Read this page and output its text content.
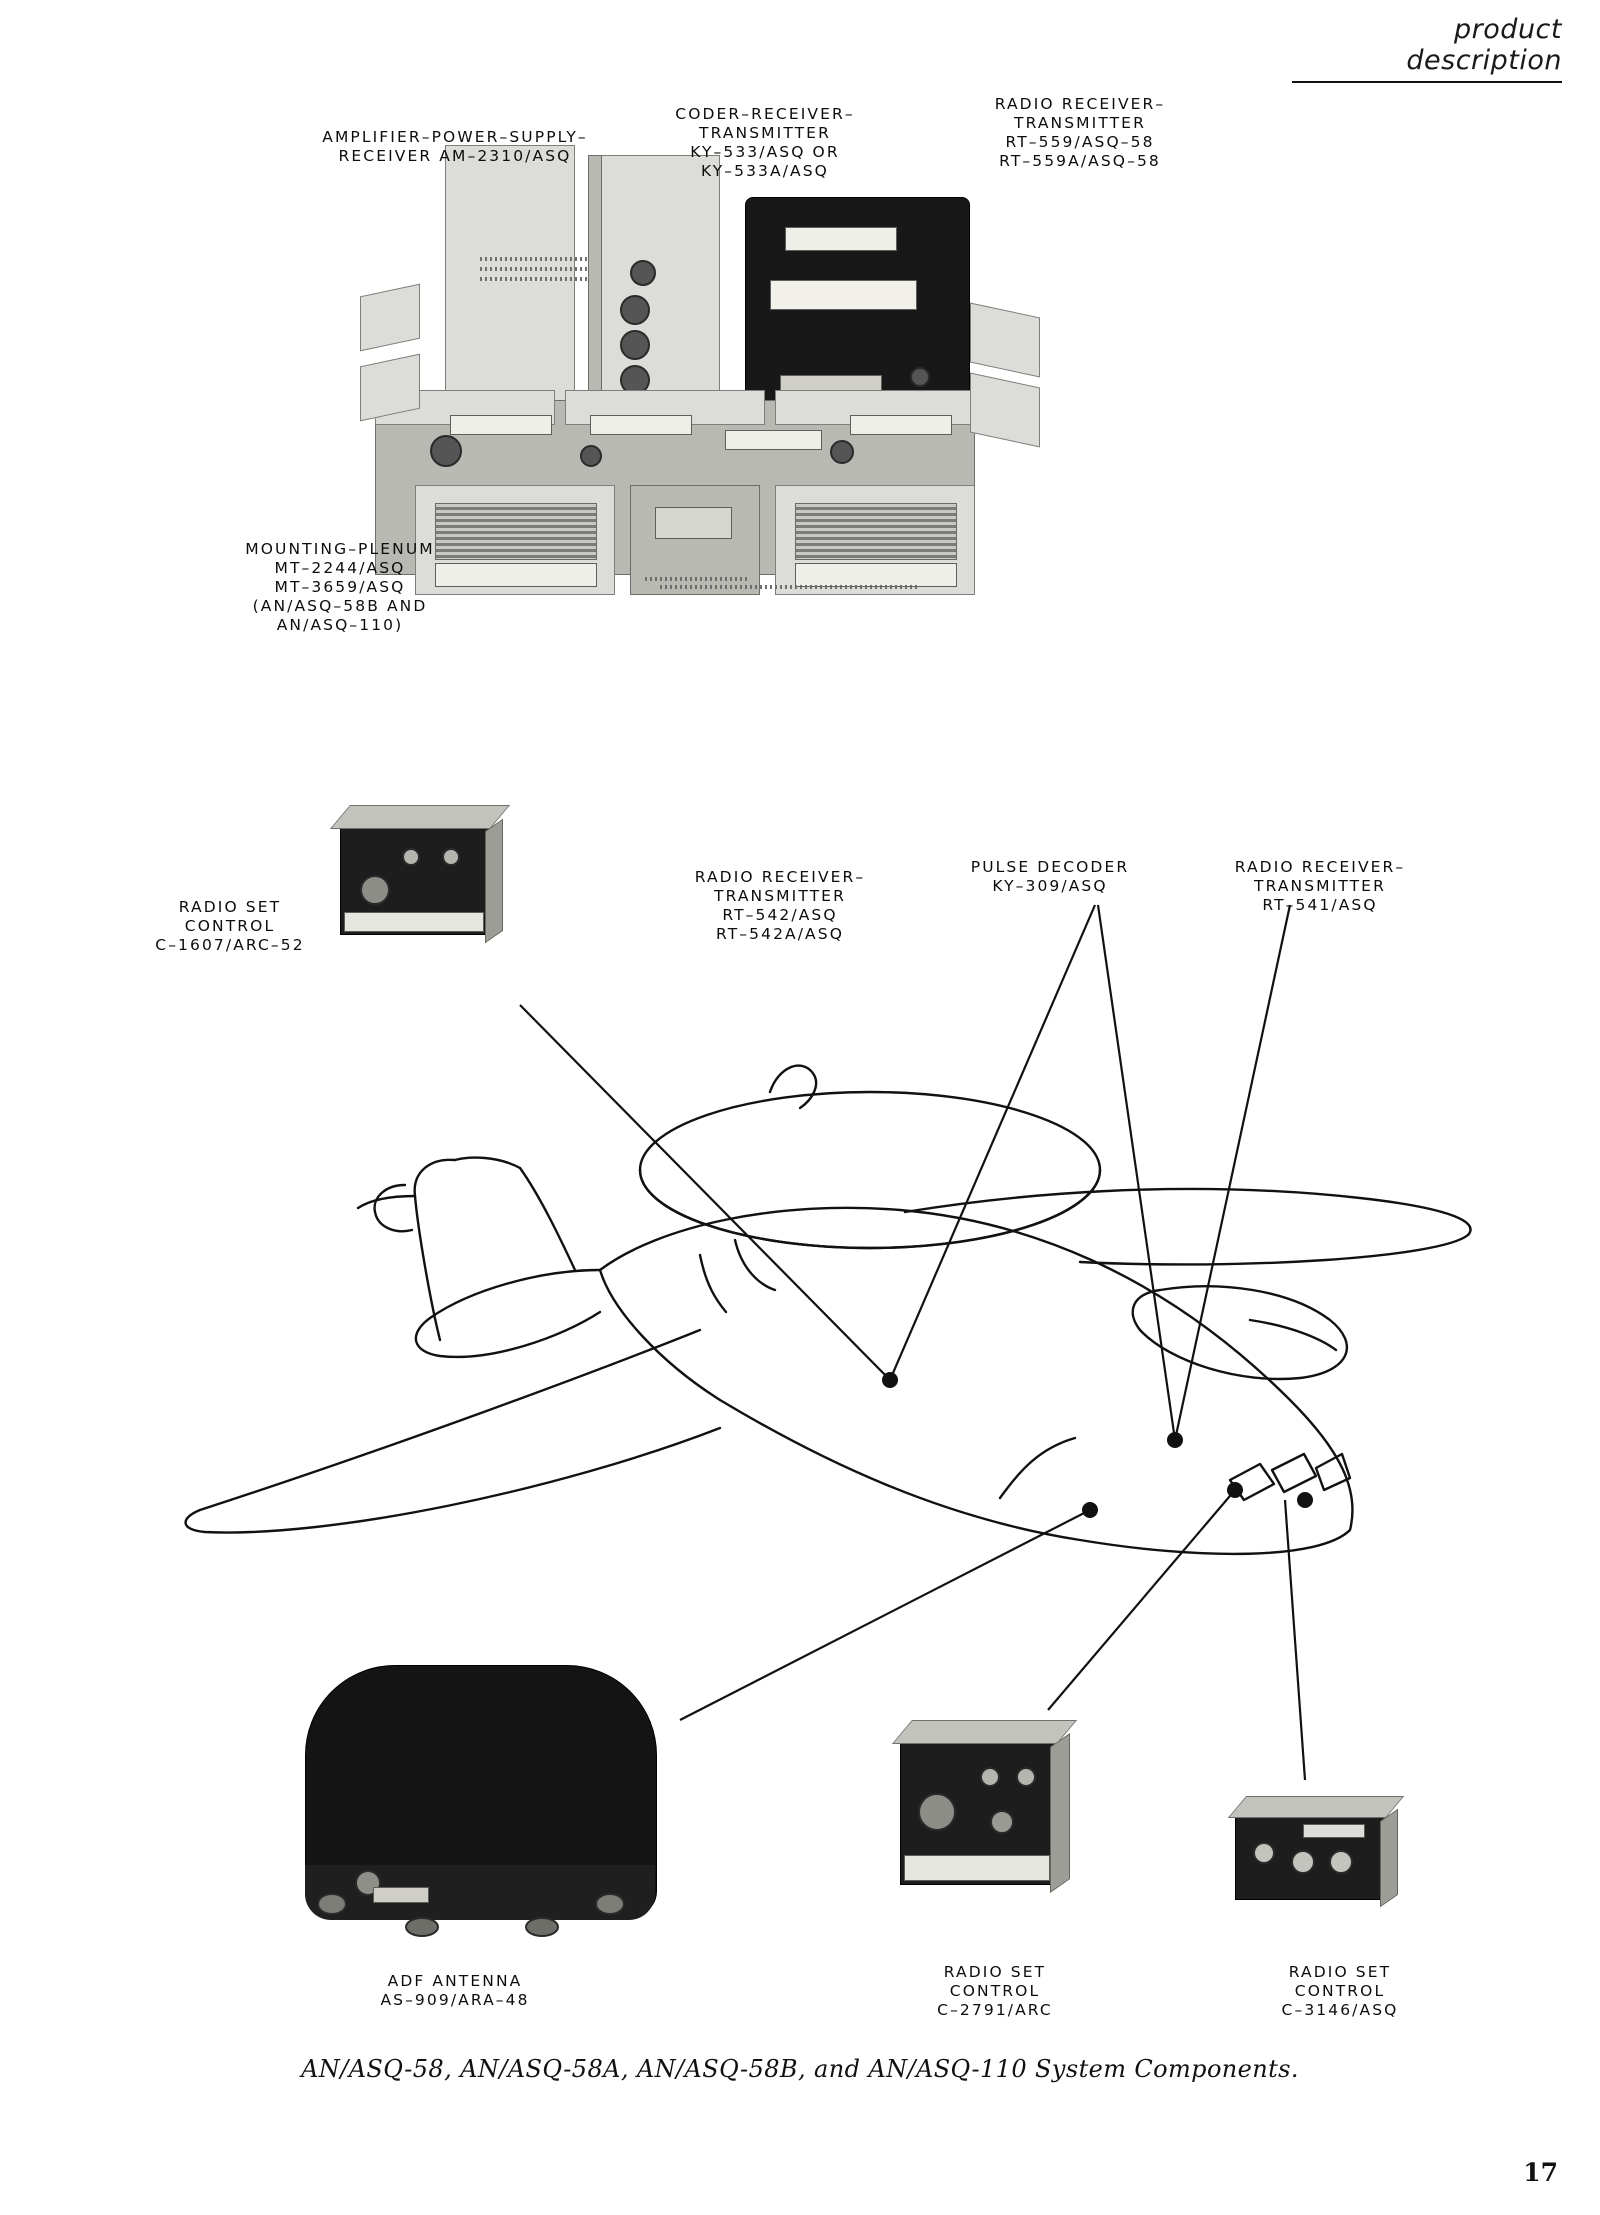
product description
AMPLIFIER–POWER–SUPPLY–
RECEIVER AM–2310/ASQ
CODER–RECEIVER–
TRANSMITTER
KY–533/ASQ OR
KY–533A/ASQ
RADIO RECEIVER–
TRANSMITTER
RT–559/ASQ–58
RT–559A/ASQ–58
MOUNTING–PLENUM
MT–2244/ASQ
MT–3659/ASQ
(AN/ASQ–58B AND
AN/ASQ–110)
RADIO SET
CONTROL
C–1607/ARC–52
RADIO RECEIVER–
TRANSMITTER
RT–542/ASQ
RT–542A/ASQ
PULSE DECODER
KY–309/ASQ
RADIO RECEIVER–
TRANSMITTER
RT–541/ASQ
ADF ANTENNA
AS–909/ARA–48
RADIO SET
CONTROL
C–2791/ARC
RADIO SET
CONTROL
C–3146/ASQ
AN/ASQ-58, AN/ASQ-58A, AN/ASQ-58B, and AN/ASQ-110 System Components.
17
